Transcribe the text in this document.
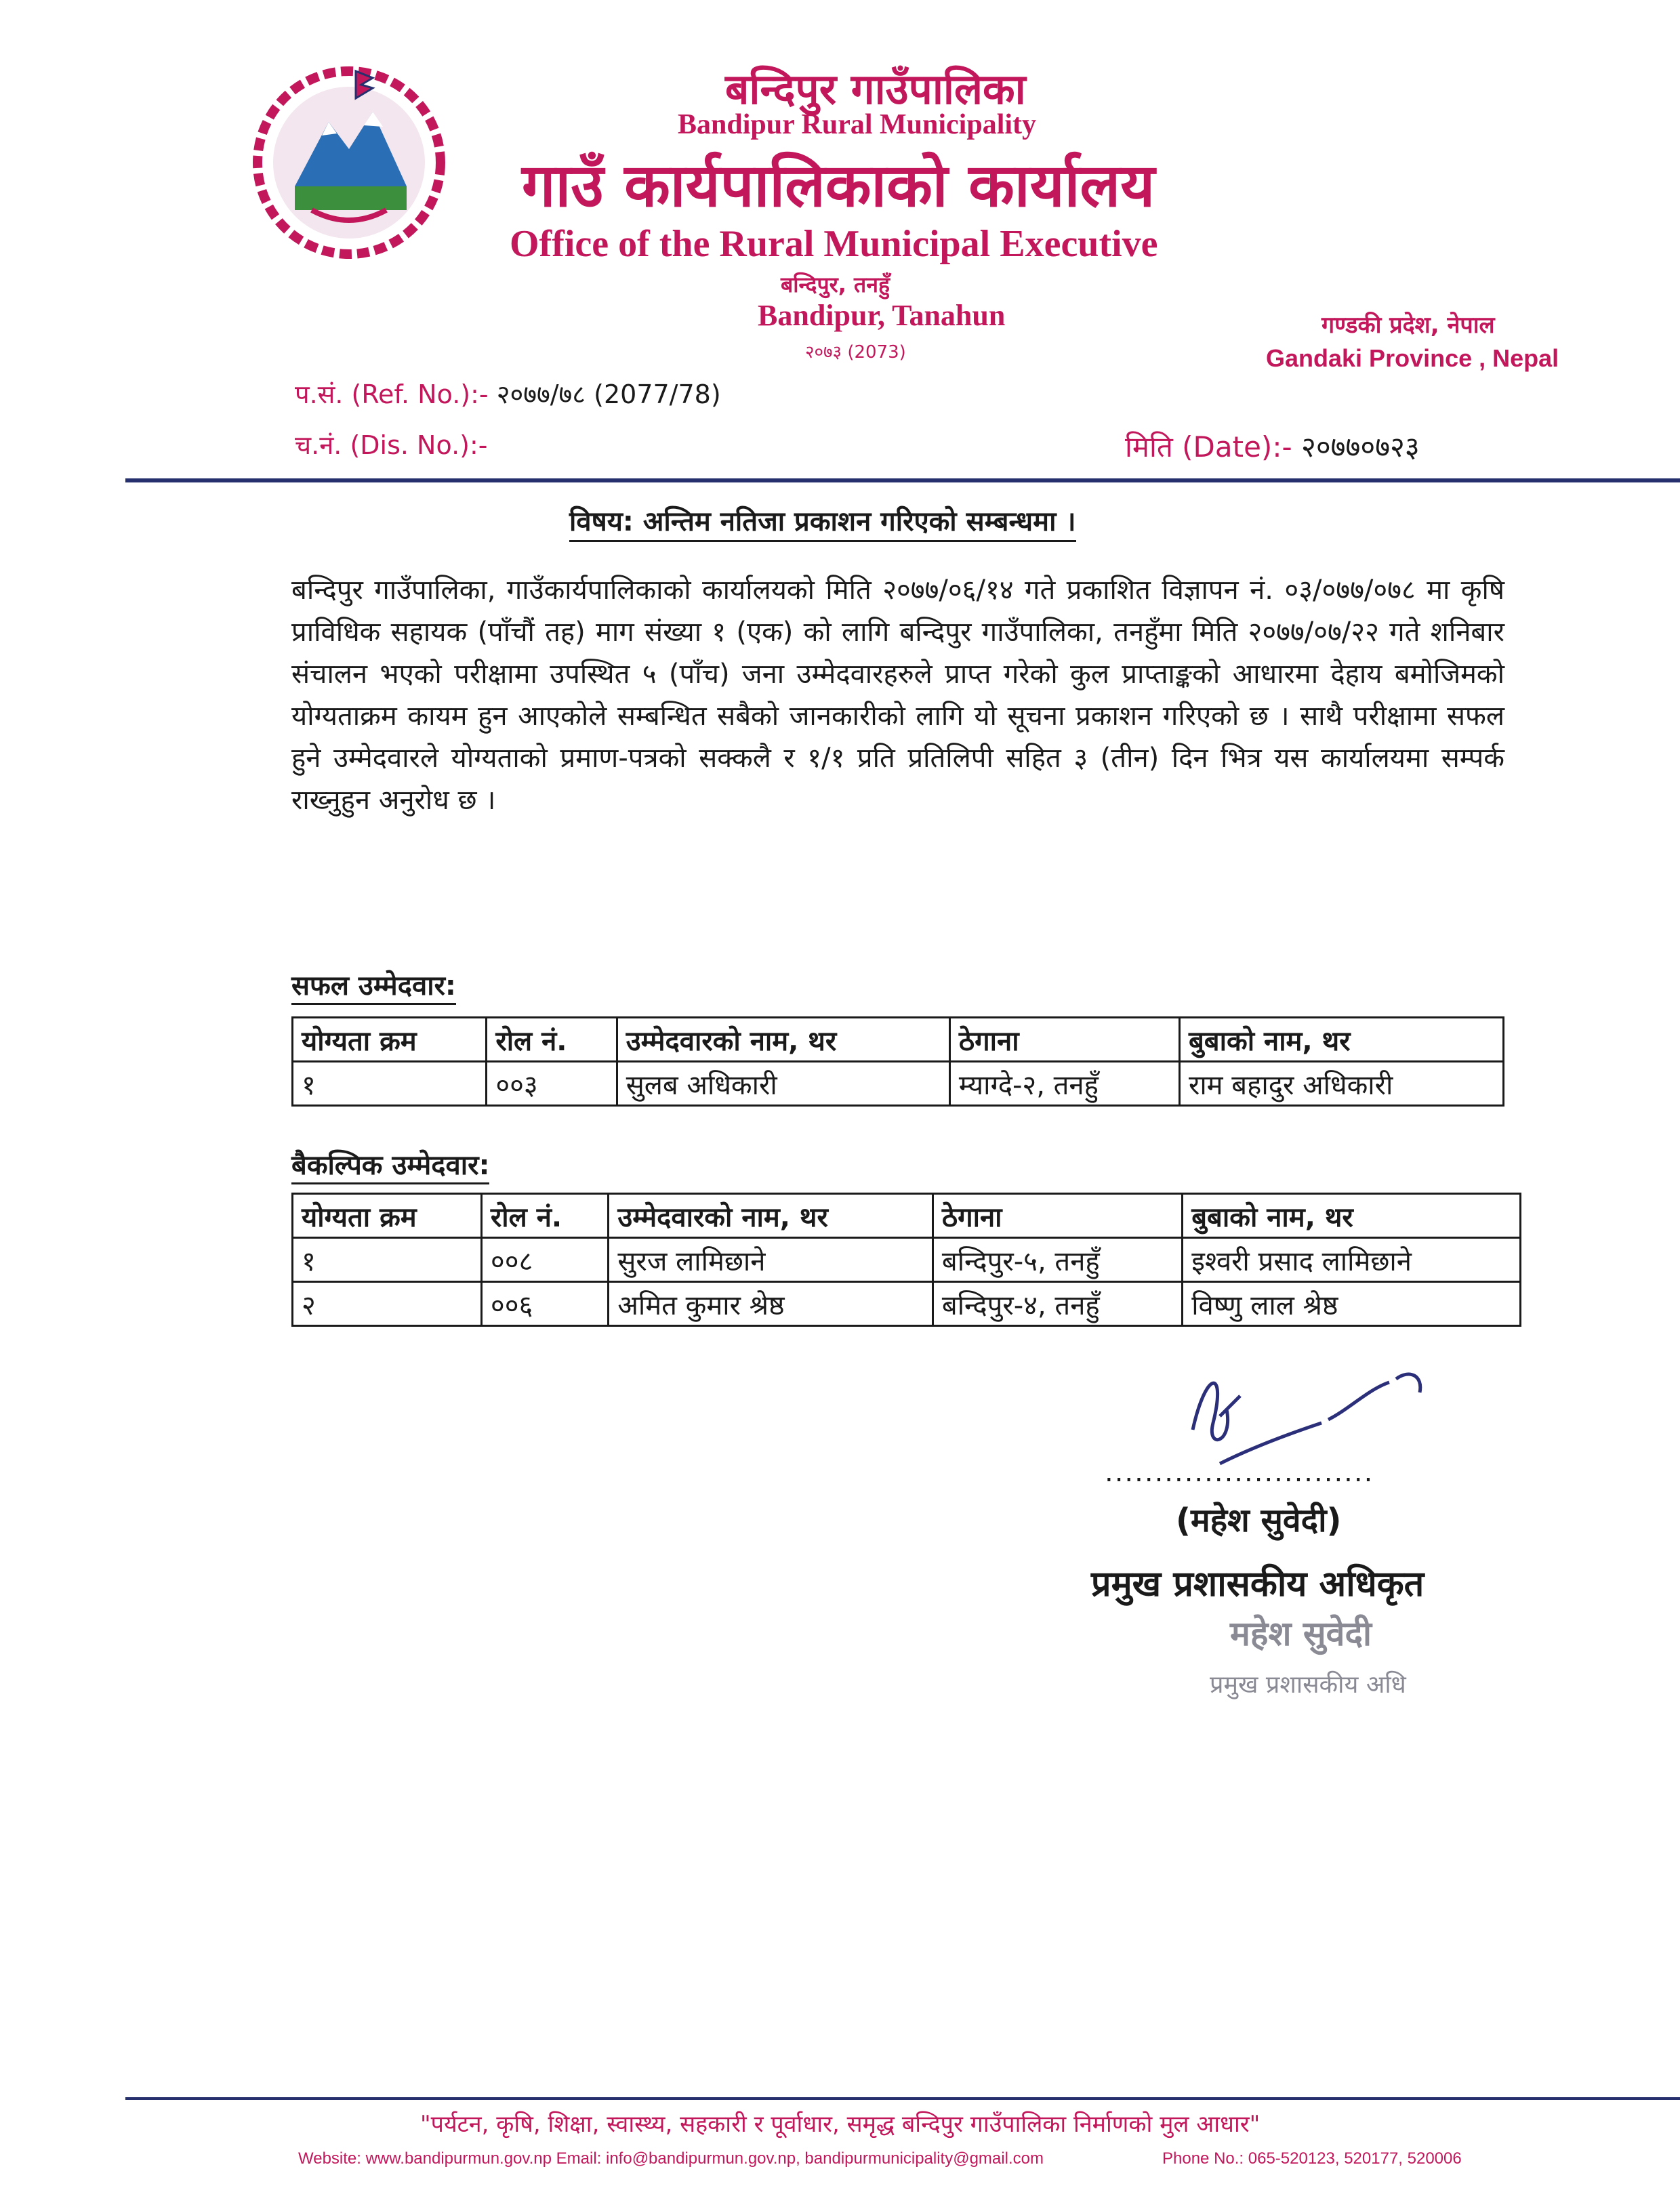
बन्दिपुर गाउँपालिका
Bandipur Rural Municipality
गाउँ कार्यपालिकाको कार्यालय
Office of the Rural Municipal Executive
बन्दिपुर, तनहुँ
Bandipur, Tanahun
२०७३ (2073)
गण्डकी प्रदेश, नेपाल
Gandaki Province , Nepal
प.सं. (Ref. No.):- २०७७/७८ (2077/78)
च.नं. (Dis. No.):-	मिति (Date):- २०७७०७२३
विषय: अन्तिम नतिजा प्रकाशन गरिएको सम्बन्धमा ।
बन्दिपुर गाउँपालिका, गाउँकार्यपालिकाको कार्यालयको मिति २०७७/०६/१४ गते प्रकाशित विज्ञापन नं. ०३/०७७/०७८ मा कृषि प्राविधिक सहायक (पाँचौं तह) माग संख्या १ (एक) को लागि बन्दिपुर गाउँपालिका, तनहुँमा मिति २०७७/०७/२२ गते शनिबार संचालन भएको परीक्षामा उपस्थित ५ (पाँच) जना उम्मेदवारहरुले प्राप्त गरेको कुल प्राप्ताङ्कको आधारमा देहाय बमोजिमको योग्यताक्रम कायम हुन आएकोले सम्बन्धित सबैको जानकारीको लागि यो सूचना प्रकाशन गरिएको छ । साथै परीक्षामा सफल हुने उम्मेदवारले योग्यताको प्रमाण-पत्रको सक्कलै र १/१ प्रति प्रतिलिपी सहित ३ (तीन) दिन भित्र यस कार्यालयमा सम्पर्क राख्नुहुन अनुरोध छ ।
सफल उम्मेदवार:
योग्यता क्रम	रोल नं.	उम्मेदवारको नाम, थर	ठेगाना	बुबाको नाम, थर
१	००३	सुलब अधिकारी	म्याग्दे-२, तनहुँ	राम बहादुर अधिकारी
बैकल्पिक उम्मेदवार:
योग्यता क्रम	रोल नं.	उम्मेदवारको नाम, थर	ठेगाना	बुबाको नाम, थर
१	००८	सुरज लामिछाने	बन्दिपुर-५, तनहुँ	इश्वरी प्रसाद लामिछाने
२	००६	अमित कुमार श्रेष्ठ	बन्दिपुर-४, तनहुँ	विष्णु लाल श्रेष्ठ
...........................
(महेश सुवेदी)
प्रमुख प्रशासकीय अधिकृत
महेश सुवेदी
प्रमुख प्रशासकीय अधि
"पर्यटन, कृषि, शिक्षा, स्वास्थ्य, सहकारी र पूर्वाधार, समृद्ध बन्दिपुर गाउँपालिका निर्माणको मुल आधार"
Website: www.bandipurmun.gov.np Email: info@bandipurmun.gov.np, bandipurmunicipality@gmail.com	Phone No.: 065-520123, 520177, 520006
